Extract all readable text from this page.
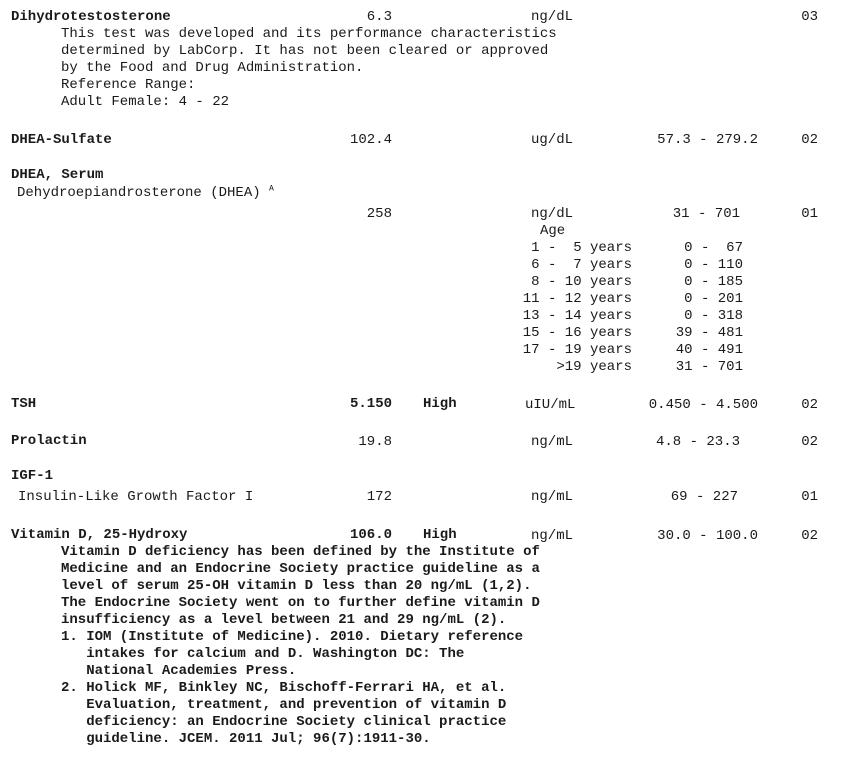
Dihydrotestosterone	6.3	ng/dL	03
This test was developed and its performance characteristics
determined by LabCorp. It has not been cleared or approved
by the Food and Drug Administration.
Reference Range:
Adult Female: 4 - 22
DHEA-Sulfate	102.4	ug/dL	57.3 - 279.2	02
DHEA, Serum
Dehydroepiandrosterone (DHEA) $^A$
258	ng/dL	31 - 701	01
Age
1 -  5 years	0 -  67
6 -  7 years	0 - 110
8 - 10 years	0 - 185
11 - 12 years	0 - 201
13 - 14 years	0 - 318
15 - 16 years	39 - 481
17 - 19 years	40 - 491
>19 years	31 - 701
TSH	5.150 High	uIU/mL	0.450 - 4.500	02
Prolactin	19.8	ng/mL	4.8 - 23.3	02
IGF-1
Insulin-Like Growth Factor I	172	ng/mL	69 - 227	01
Vitamin D, 25-Hydroxy	106.0 High	ng/mL	30.0 - 100.0	02
Vitamin D deficiency has been defined by the Institute of
Medicine and an Endocrine Society practice guideline as a
level of serum 25-OH vitamin D less than 20 ng/mL (1,2).
The Endocrine Society went on to further define vitamin D
insufficiency as a level between 21 and 29 ng/mL (2).
1. IOM (Institute of Medicine). 2010. Dietary reference
intakes for calcium and D. Washington DC: The
National Academies Press.
2. Holick MF, Binkley NC, Bischoff-Ferrari HA, et al.
Evaluation, treatment, and prevention of vitamin D
deficiency: an Endocrine Society clinical practice
guideline. JCEM. 2011 Jul; 96(7):1911-30.
